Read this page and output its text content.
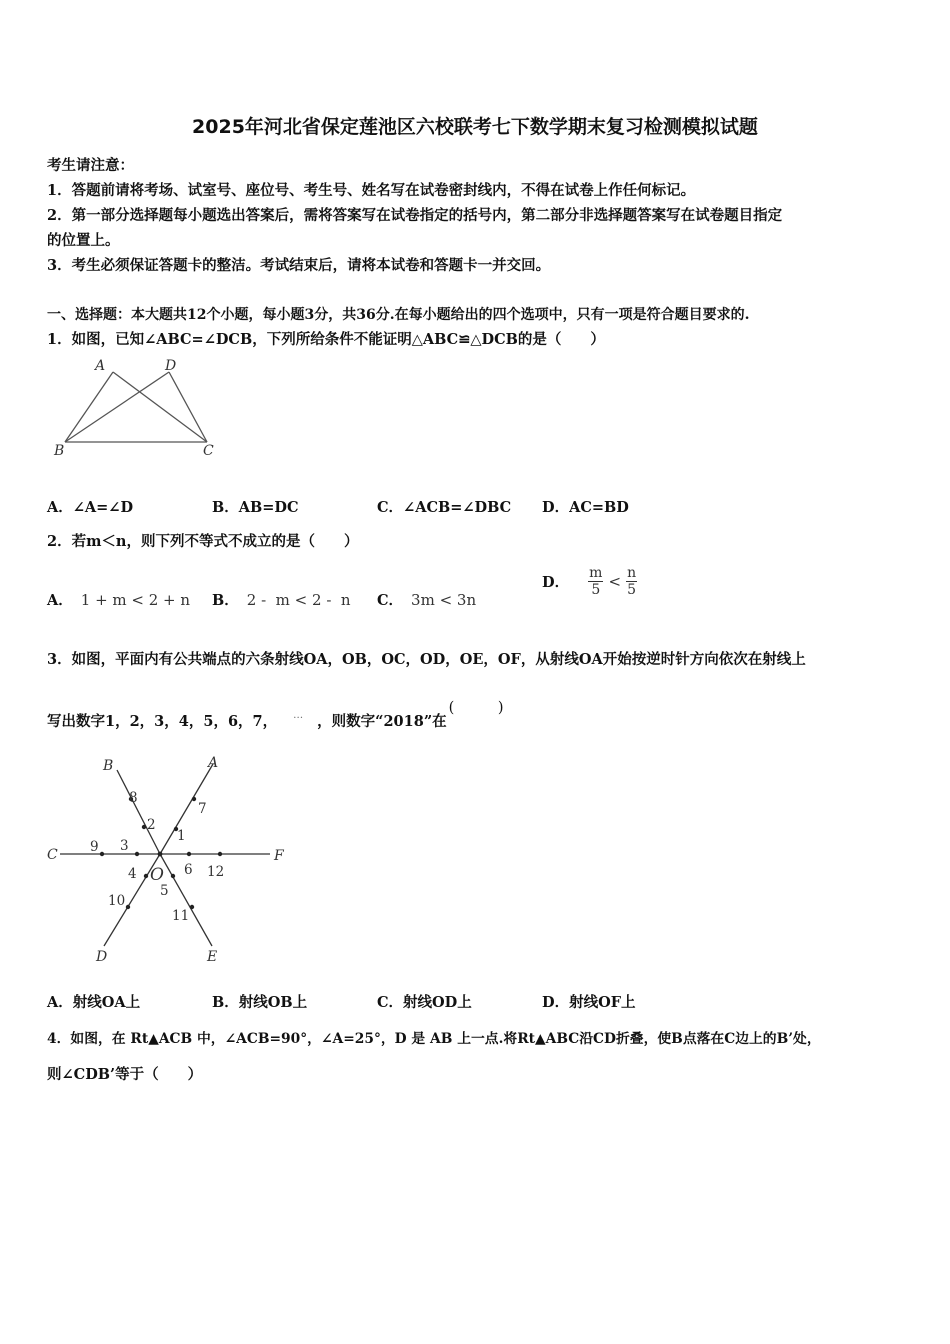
2025年河北省保定莲池区六校联考七下数学期末复习检测模拟试题
考生请注意：
1．答题前请将考场、试室号、座位号、考生号、姓名写在试卷密封线内，不得在试卷上作任何标记。
2．第一部分选择题每小题选出答案后，需将答案写在试卷指定的括号内，第二部分非选择题答案写在试卷题目指定
的位置上。
3．考生必须保证答题卡的整洁。考试结束后，请将本试卷和答题卡一并交回。
一、选择题：本大题共12个小题，每小题3分，共36分.在每小题给出的四个选项中，只有一项是符合题目要求的.
1．如图，已知∠ABC=∠DCB，下列所给条件不能证明△ABC≌△DCB的是（　　）
A	D
B	C
A．∠A=∠D	B．AB=DC	C．∠ACB=∠DBC D．AC=BD
2．若m＜n，则下列不等式不成立的是（　　）
A． 1 + m < 2 + n B． 2 -  m < 2 -  n C． 3m < 3n
D． $\frac{m}{5} < \frac{n}{5}$
3．如图，平面内有公共端点的六条射线OA，OB，OC，OD，OE，OF，从射线OA开始按逆时针方向依次在射线上
写出数字1，2，3，4，5，6，7， … ，则数字“2018”在(　　　)
A
B
C
D	E
F
O
1
2
3
4
5
6
7
8
9
10
11
12
A．射线OA上	B．射线OB上	C．射线OD上	D．射线OF上
4．如图，在 Rt▲ACB 中，∠ACB=90°，∠A=25°，D 是 AB 上一点.将Rt▲ABC沿CD折叠，使B点落在C边上的B’处，
则∠CDB’等于（　　）
